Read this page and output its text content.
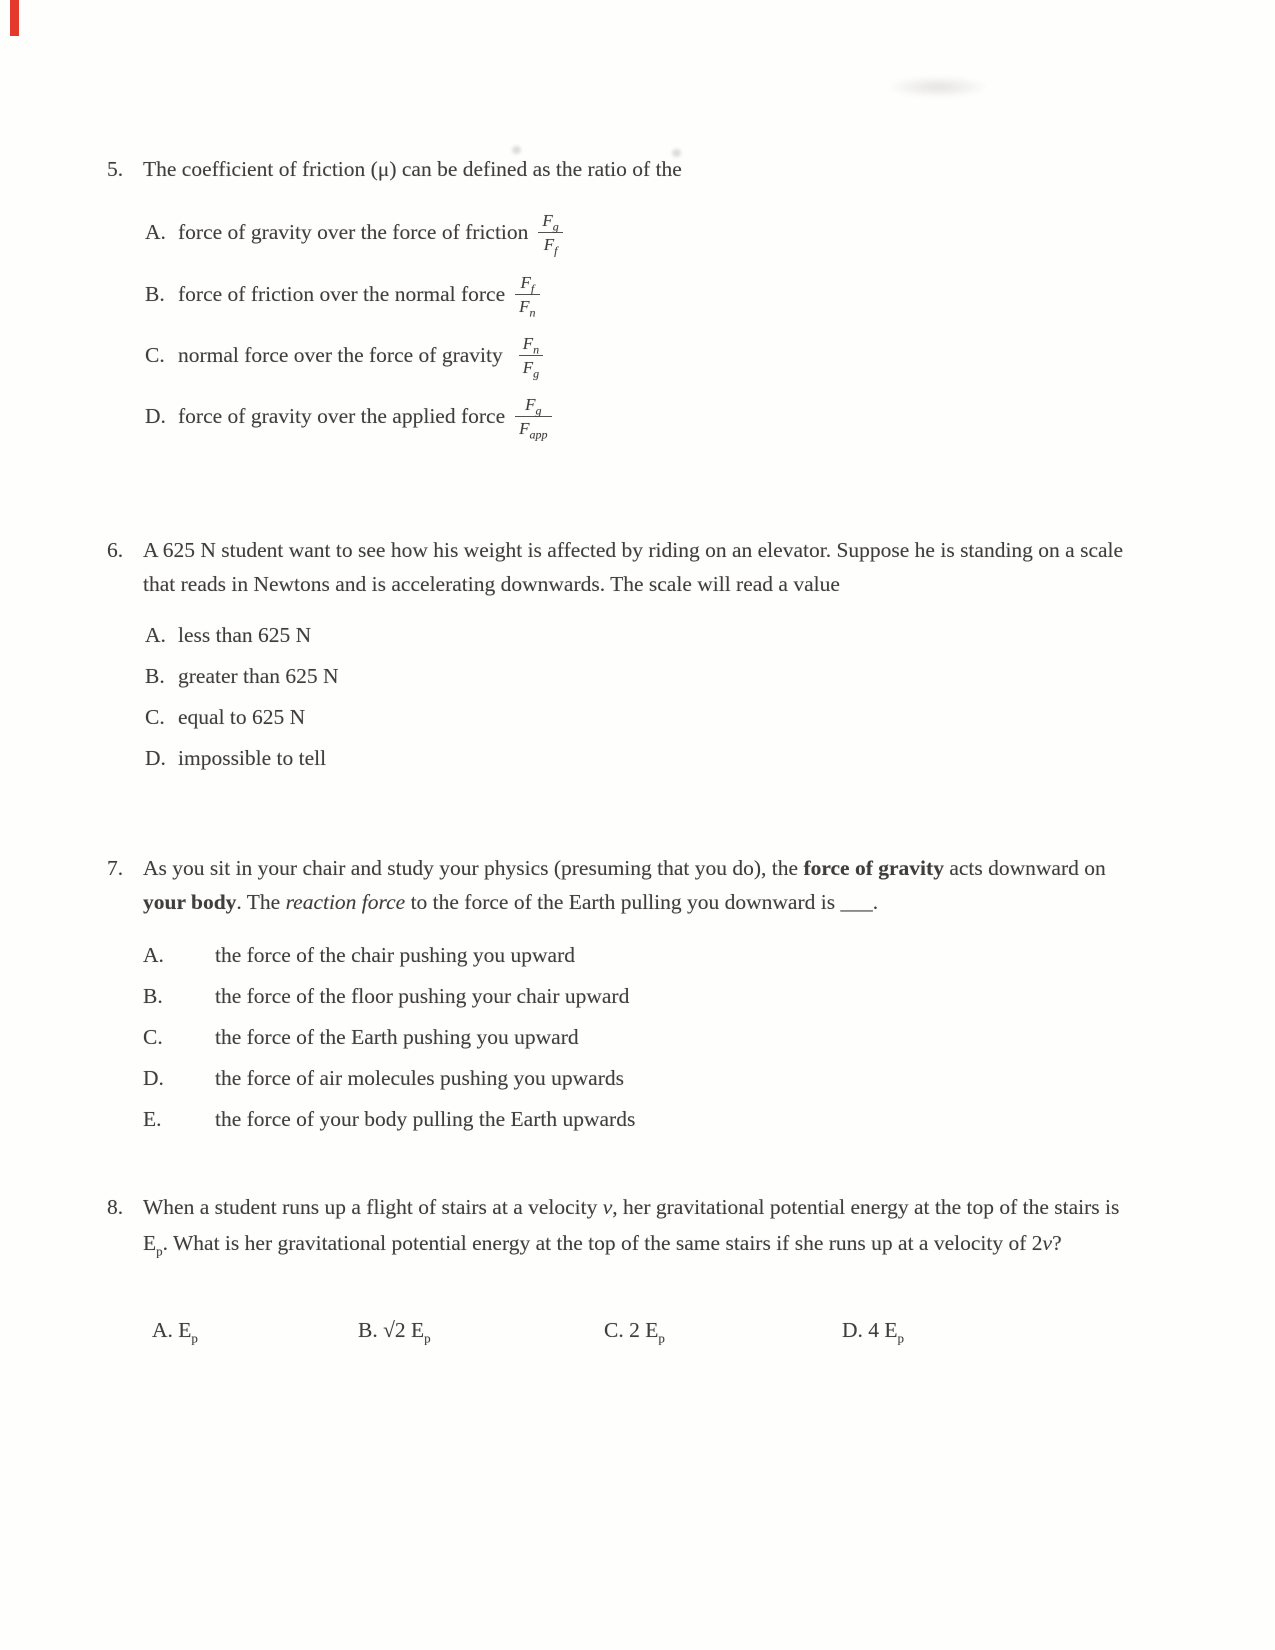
5. The coefficient of friction (μ) can be defined as the ratio of the
A. force of gravity over the force of friction $\frac{F_g}{F_f}$
B. force of friction over the normal force $\frac{F_f}{F_n}$
C. normal force over the force of gravity $\frac{F_n}{F_g}$
D. force of gravity over the applied force $\frac{F_g}{F_{app}}$
6. A 625 N student want to see how his weight is affected by riding on an elevator. Suppose he is standing on a scale that reads in Newtons and is accelerating downwards. The scale will read a value
A. less than 625 N
B. greater than 625 N
C. equal to 625 N
D. impossible to tell
7. As you sit in your chair and study your physics (presuming that you do), the force of gravity acts downward on your body. The reaction force to the force of the Earth pulling you downward is ___.
A.	the force of the chair pushing you upward
B.	the force of the floor pushing your chair upward
C.	the force of the Earth pushing you upward
D.	the force of air molecules pushing you upwards
E.	the force of your body pulling the Earth upwards
8. When a student runs up a flight of stairs at a velocity v, her gravitational potential energy at the top of the stairs is $E_p$. What is her gravitational potential energy at the top of the same stairs if she runs up at a velocity of 2v?
A. $E_p$	B. √2 $E_p$	C. 2 $E_p$	D. 4 $E_p$
